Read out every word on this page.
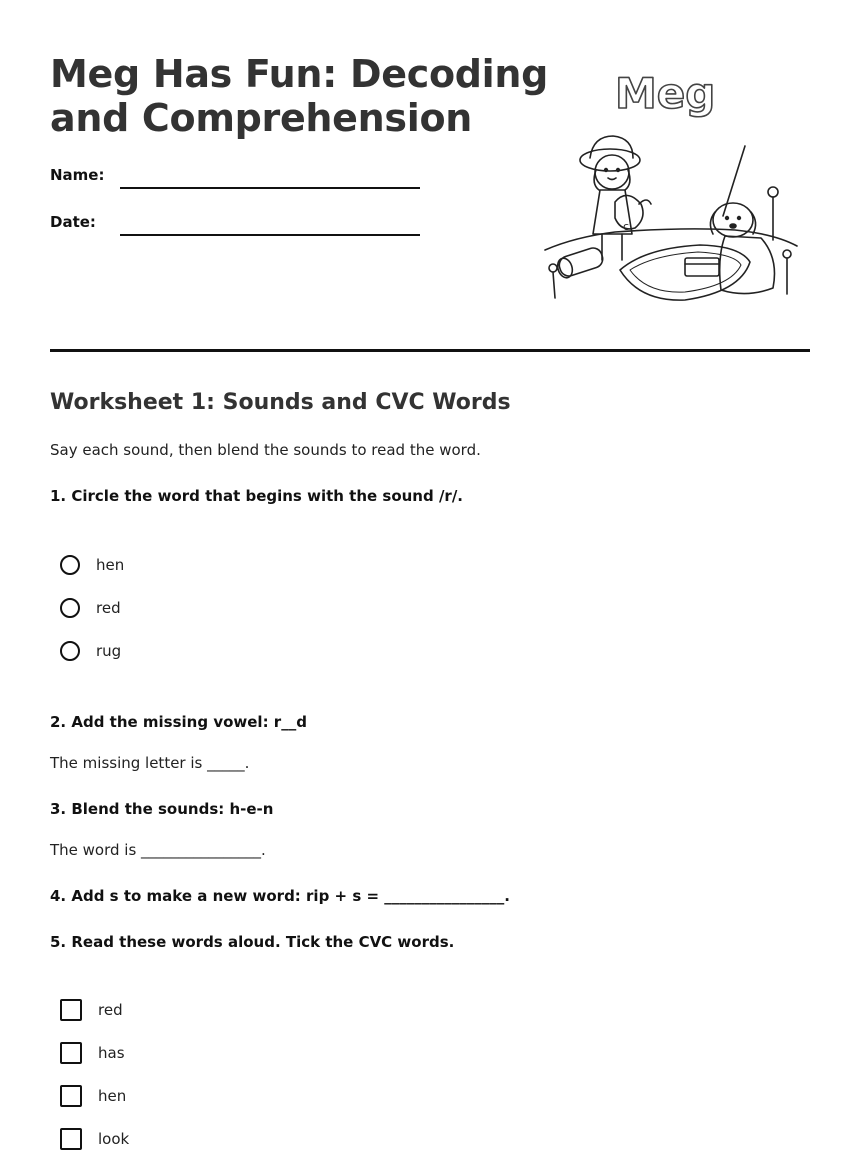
Meg Has Fun: Decoding and Comprehension
Name:
Date:
Meg
c
Worksheet 1: Sounds and CVC Words
Say each sound, then blend the sounds to read the word.
1. Circle the word that begins with the sound /r/.
hen
red
rug
2. Add the missing vowel: r__d
The missing letter is _____.
3. Blend the sounds: h-e-n
The word is ________________.
4. Add s to make a new word: rip + s = ________________.
5. Read these words aloud. Tick the CVC words.
red
has
hen
look
